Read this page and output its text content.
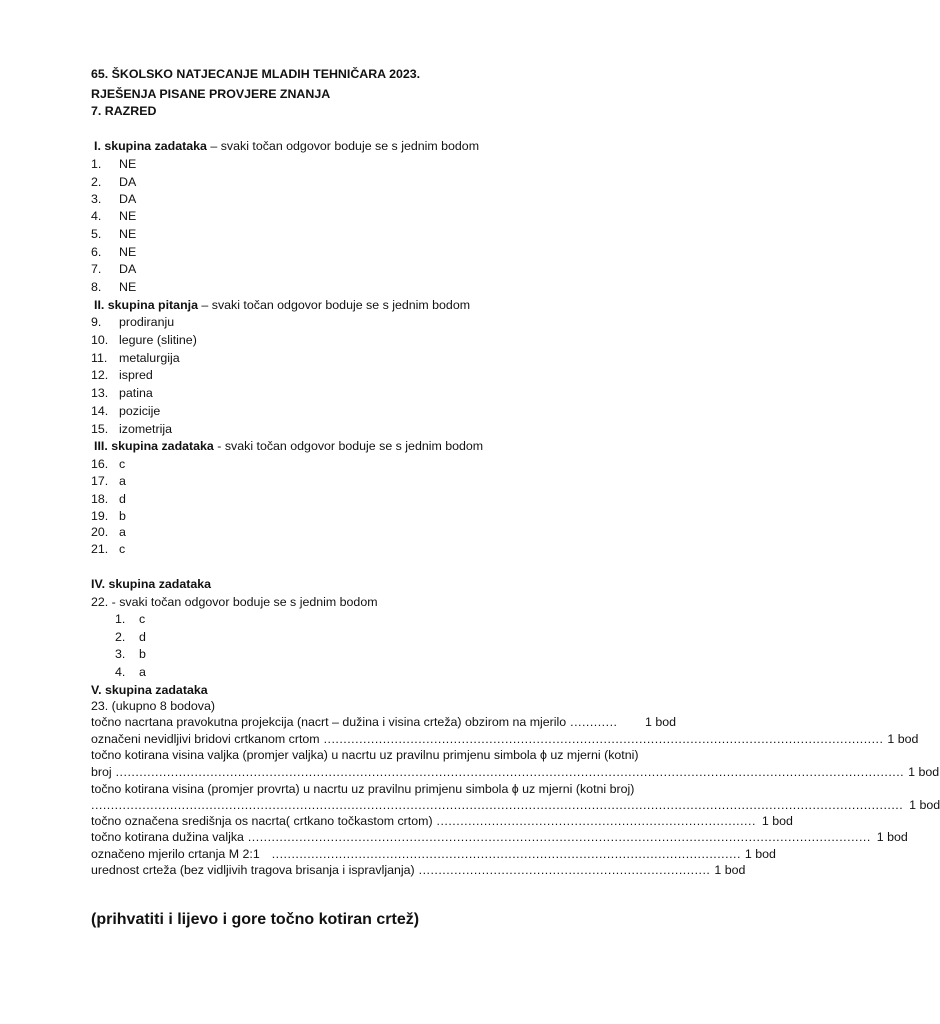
65. ŠKOLSKO NATJECANJE MLADIH TEHNIČARA 2023.
RJEŠENJA PISANE PROVJERE ZNANJA
7. RAZRED
I. skupina zadataka – svaki točan odgovor boduje se s jednim bodom
1. NE
2. DA
3. DA
4. NE
5. NE
6. NE
7. DA
8. NE
II. skupina pitanja – svaki točan odgovor boduje se s jednim bodom
9. prodiranju
10. legure (slitine)
11. metalurgija
12. ispred
13. patina
14. pozicije
15. izometrija
III. skupina zadataka - svaki točan odgovor boduje se s jednim bodom
16. c
17. a
18. d
19. b
20. a
21. c
IV. skupina zadataka
22. - svaki točan odgovor boduje se s jednim bodom
1. c
2. d
3. b
4. a
V. skupina zadataka
23. (ukupno 8 bodova)
točno nacrtana pravokutna projekcija (nacrt – dužina i visina crteža) obzirom na mjerilo ............	1 bod
označeni nevidljivi bridovi crtkanom crtom .............................................................................................................................................. 1 bod
točno kotirana visina valjka (promjer valjka) u nacrtu uz pravilnu primjenu simbola ϕ uz mjerni (kotni)
broj ........................................................................................................................................................................................................ 1 bod
točno kotirana visina (promjer provrta) u nacrtu uz pravilnu primjenu simbola ϕ uz mjerni (kotni broj)
.............................................................................................................................................................................................................. 1 bod
točno označena središnja os nacrta( crtkano točkastom crtom) ................................................................................. 1 bod
točno kotirana dužina valjka .............................................................................................................................................................. 1 bod
označeno mjerilo crtanja M 2:1 ....................................................................................................................... 1 bod
urednost crteža (bez vidljivih tragova brisanja i ispravljanja) .......................................................................... 1 bod
(prihvatiti i lijevo i gore točno kotiran crtež)
